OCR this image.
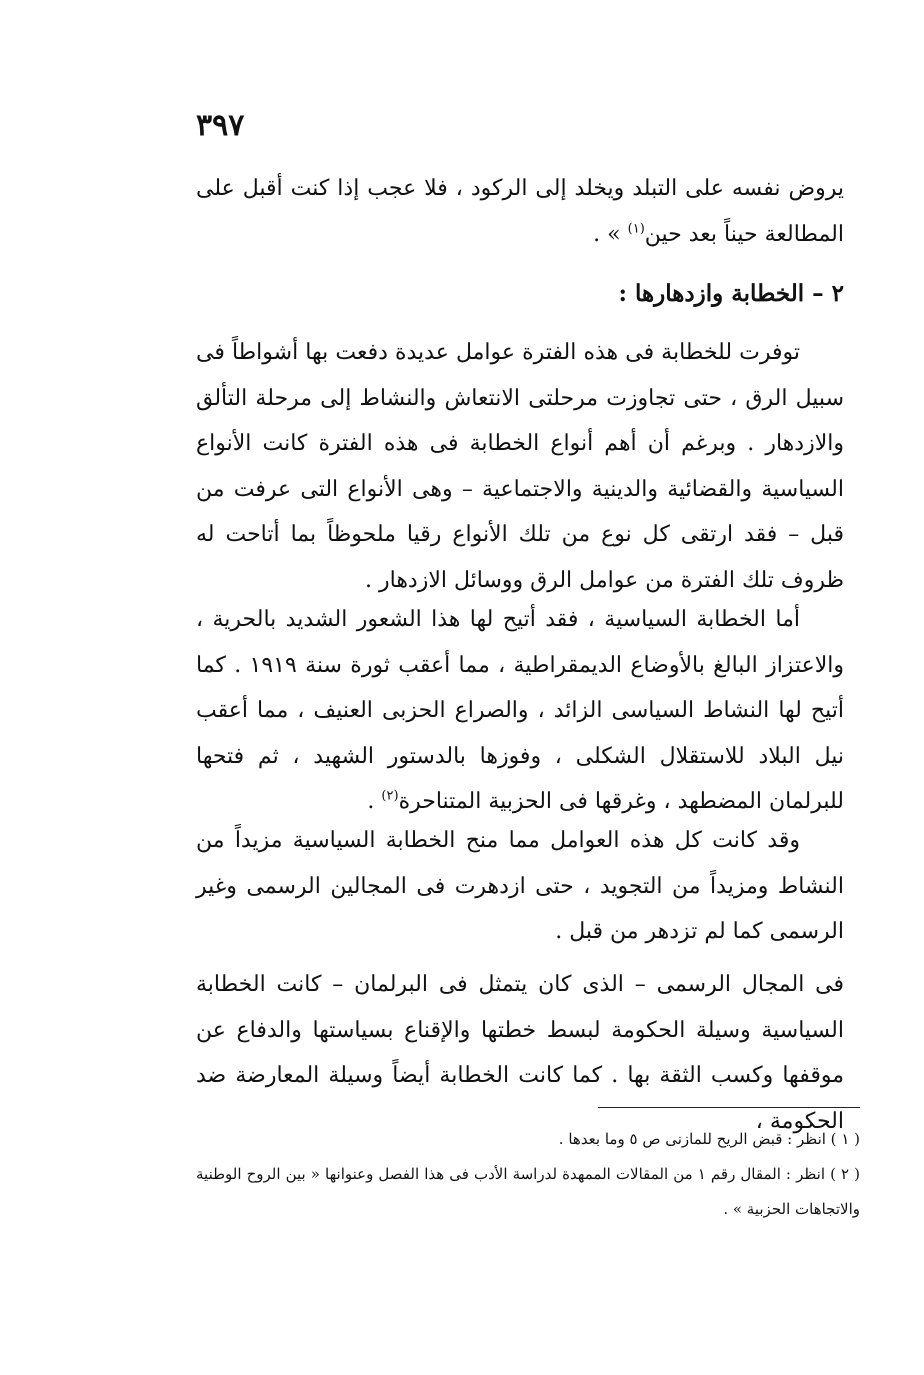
٣٩٧

يروض نفسه على التبلد ويخلد إلى الركود ، فلا عجب إذا كنت أقبل على المطالعة حيناً بعد حين$^{(١)}$ » .

٢ – الخطابة وازدهارها :

توفرت للخطابة فى هذه الفترة عوامل عديدة دفعت بها أشواطاً فى سبيل الرق ، حتى تجاوزت مرحلتى الانتعاش والنشاط إلى مرحلة التألق والازدهار . وبرغم أن أهم أنواع الخطابة فى هذه الفترة كانت الأنواع السياسية والقضائية والدينية والاجتماعية – وهى الأنواع التى عرفت من قبل – فقد ارتقى كل نوع من تلك الأنواع رقيا ملحوظاً بما أتاحت له ظروف تلك الفترة من عوامل الرق ووسائل الازدهار .

أما الخطابة السياسية ، فقد أتيح لها هذا الشعور الشديد بالحرية ، والاعتزاز البالغ بالأوضاع الديمقراطية ، مما أعقب ثورة سنة ١٩١٩ . كما أتيح لها النشاط السياسى الزائد ، والصراع الحزبى العنيف ، مما أعقب نيل البلاد للاستقلال الشكلى ، وفوزها بالدستور الشهيد ، ثم فتحها للبرلمان المضطهد ، وغرقها فى الحزبية المتناحرة$^{(٢)}$ .

وقد كانت كل هذه العوامل مما منح الخطابة السياسية مزيداً من النشاط ومزيداً من التجويد ، حتى ازدهرت فى المجالين الرسمى وغير الرسمى كما لم تزدهر من قبل .

فى المجال الرسمى – الذى كان يتمثل فى البرلمان – كانت الخطابة السياسية وسيلة الحكومة لبسط خطتها والإقناع بسياستها والدفاع عن موقفها وكسب الثقة بها . كما كانت الخطابة أيضاً وسيلة المعارضة ضد الحكومة ،

( ١ ) انظر : قبض الريح للمازنى ص ٥ وما بعدها .

( ٢ ) انظر : المقال رقم ١ من المقالات الممهدة لدراسة الأدب فى هذا الفصل وعنوانها « بين الروح الوطنية والاتجاهات الحزبية » .
